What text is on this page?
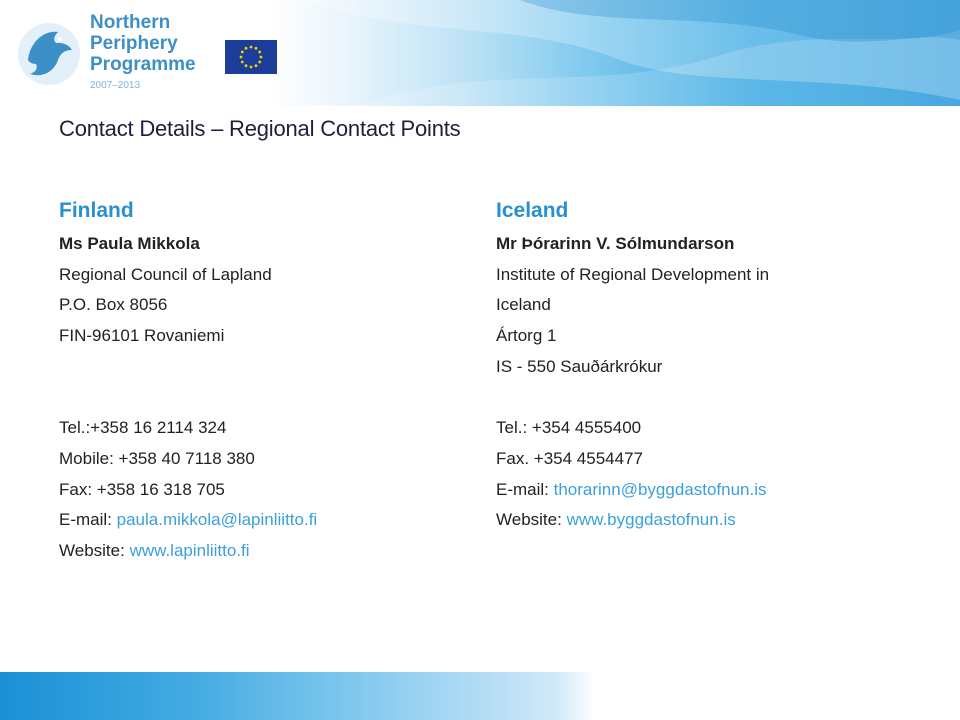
Northern
Periphery
Programme
2007–2013
Contact Details – Regional Contact Points
Finland
Ms Paula Mikkola
Regional Council of Lapland
P.O. Box 8056
FIN-96101 Rovaniemi
Tel.:+358 16 2114 324
Mobile: +358 40 7118 380
Fax: +358 16 318 705
E-mail: paula.mikkola@lapinliitto.fi
Website: www.lapinliitto.fi
Iceland
Mr Þórarinn V. Sólmundarson
Institute of Regional Development in
Iceland
Ártorg 1
IS - 550 Sauðárkrókur
Tel.: +354 4555400
Fax. +354 4554477
E-mail: thorarinn@byggdastofnun.is
Website: www.byggdastofnun.is
